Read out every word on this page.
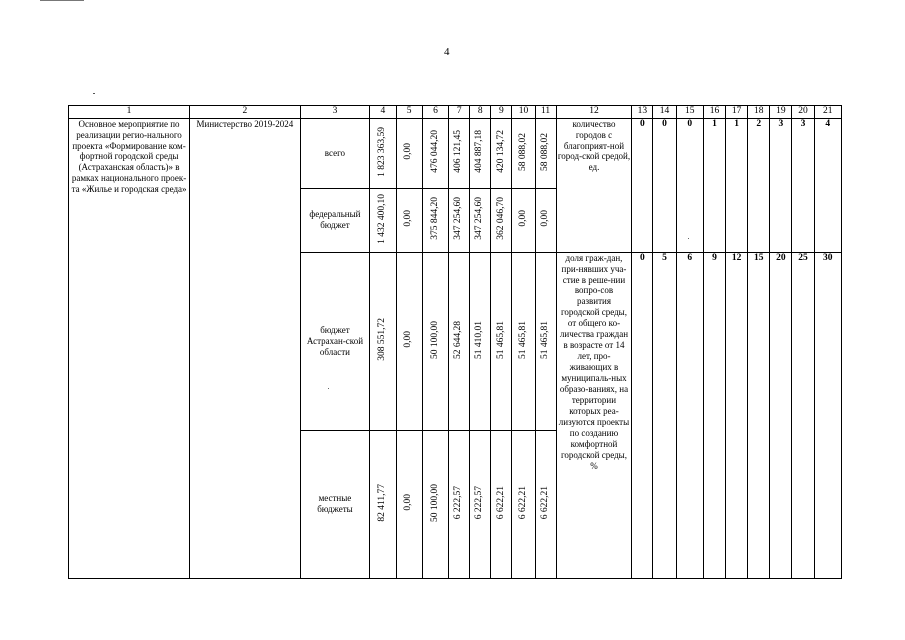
4
1	2	3	4	5	6	7	8	9	10	11	12	13	14	15	16	17	18	19	20	21
Основное мероприятие по реализации регио-нального проекта «Формирование ком-фортной городской среды (Астраханская область)» в рамках национального проек-та «Жилье и городская среда»	Министерство 2019-2024	всего	1 823 363,59	0,00	476 044,20	406 121,45	404 887,18	420 134,72	58 088,02	58 088,02	количество городов с благоприят-ной город-ской средой, ед.	0	0	0	1	1	2	3	3	4
		федеральный бюджет	1 432 400,10	0,00	375 844,20	347 254,60	347 254,60	362 046,70	0,00	0,00										
		бюджет Астрахан-ской области	308 551,72	0,00	50 100,00	52 644,28	51 410,01	51 465,81	51 465,81	51 465,81	доля граж-дан, при-нявших уча-стие в реше-нии вопро-сов развития городской среды, от общего ко-личества граждан в возрасте от 14 лет, про-живающих в муниципаль-ных образо-ваниях, на территории которых реа-лизуются проекты по созданию комфортной городской среды, %	0	5	6	9	12	15	20	25	30
		местные бюджеты	82 411,77	0,00	50 100,00	6 222,57	6 222,57	6 622,21	6 622,21	6 622,21										
